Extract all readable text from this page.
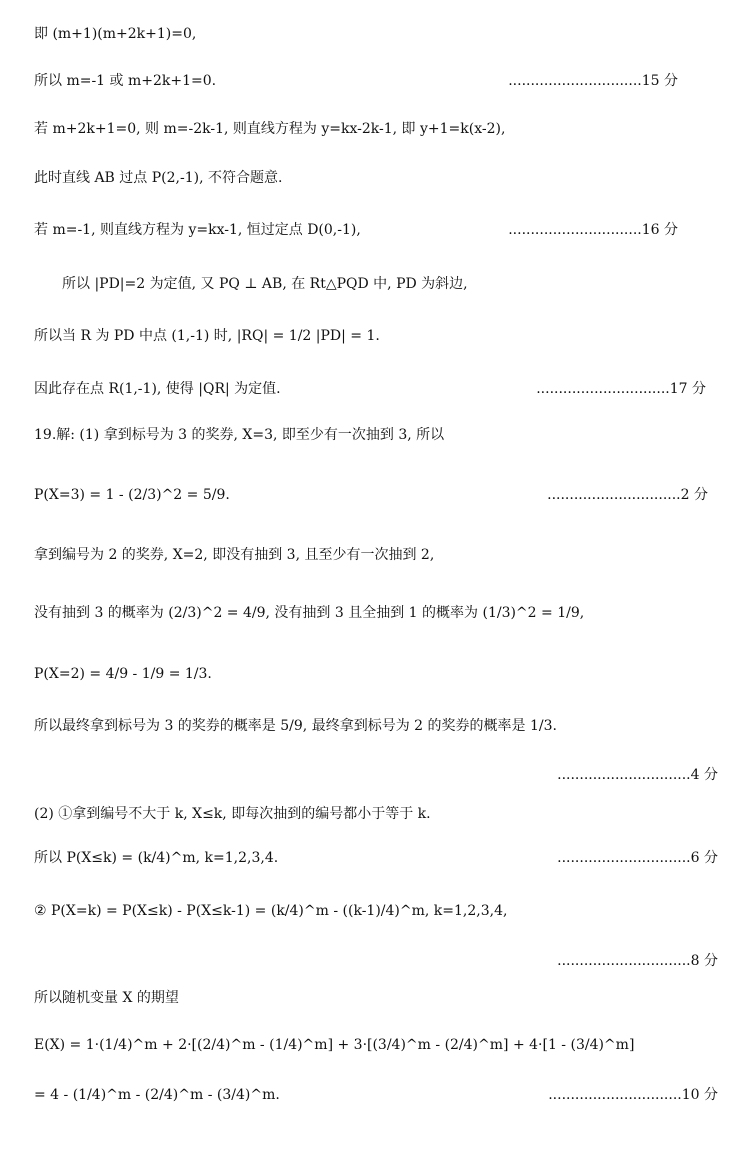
即 (m+1)(m+2k+1)=0,
所以 m=-1 或 m+2k+1=0.	..............................15 分
若 m+2k+1=0, 则 m=-2k-1, 则直线方程为 y=kx-2k-1, 即 y+1=k(x-2),
此时直线 AB 过点 P(2,-1), 不符合题意.
若 m=-1, 则直线方程为 y=kx-1, 恒过定点 D(0,-1),	..............................16 分
所以 |PD|=2 为定值, 又 PQ ⊥ AB, 在 Rt△PQD 中, PD 为斜边,
所以当 R 为 PD 中点 (1,-1) 时, |RQ| = 1/2 |PD| = 1.
因此存在点 R(1,-1), 使得 |QR| 为定值.	..............................17 分
19.解: (1) 拿到标号为 3 的奖券, X=3, 即至少有一次抽到 3, 所以
P(X=3) = 1 - (2/3)^2 = 5/9.	..............................2 分
拿到编号为 2 的奖券, X=2, 即没有抽到 3, 且至少有一次抽到 2,
没有抽到 3 的概率为 (2/3)^2 = 4/9, 没有抽到 3 且全抽到 1 的概率为 (1/3)^2 = 1/9,
P(X=2) = 4/9 - 1/9 = 1/3.
所以最终拿到标号为 3 的奖券的概率是 5/9, 最终拿到标号为 2 的奖券的概率是 1/3.
..............................4 分
(2) ①拿到编号不大于 k, X≤k, 即每次抽到的编号都小于等于 k.
所以 P(X≤k) = (k/4)^m, k=1,2,3,4.	..............................6 分
② P(X=k) = P(X≤k) - P(X≤k-1) = (k/4)^m - ((k-1)/4)^m, k=1,2,3,4,
..............................8 分
所以随机变量 X 的期望
E(X) = 1·(1/4)^m + 2·[(2/4)^m - (1/4)^m] + 3·[(3/4)^m - (2/4)^m] + 4·[1 - (3/4)^m]
= 4 - (1/4)^m - (2/4)^m - (3/4)^m.	..............................10 分
